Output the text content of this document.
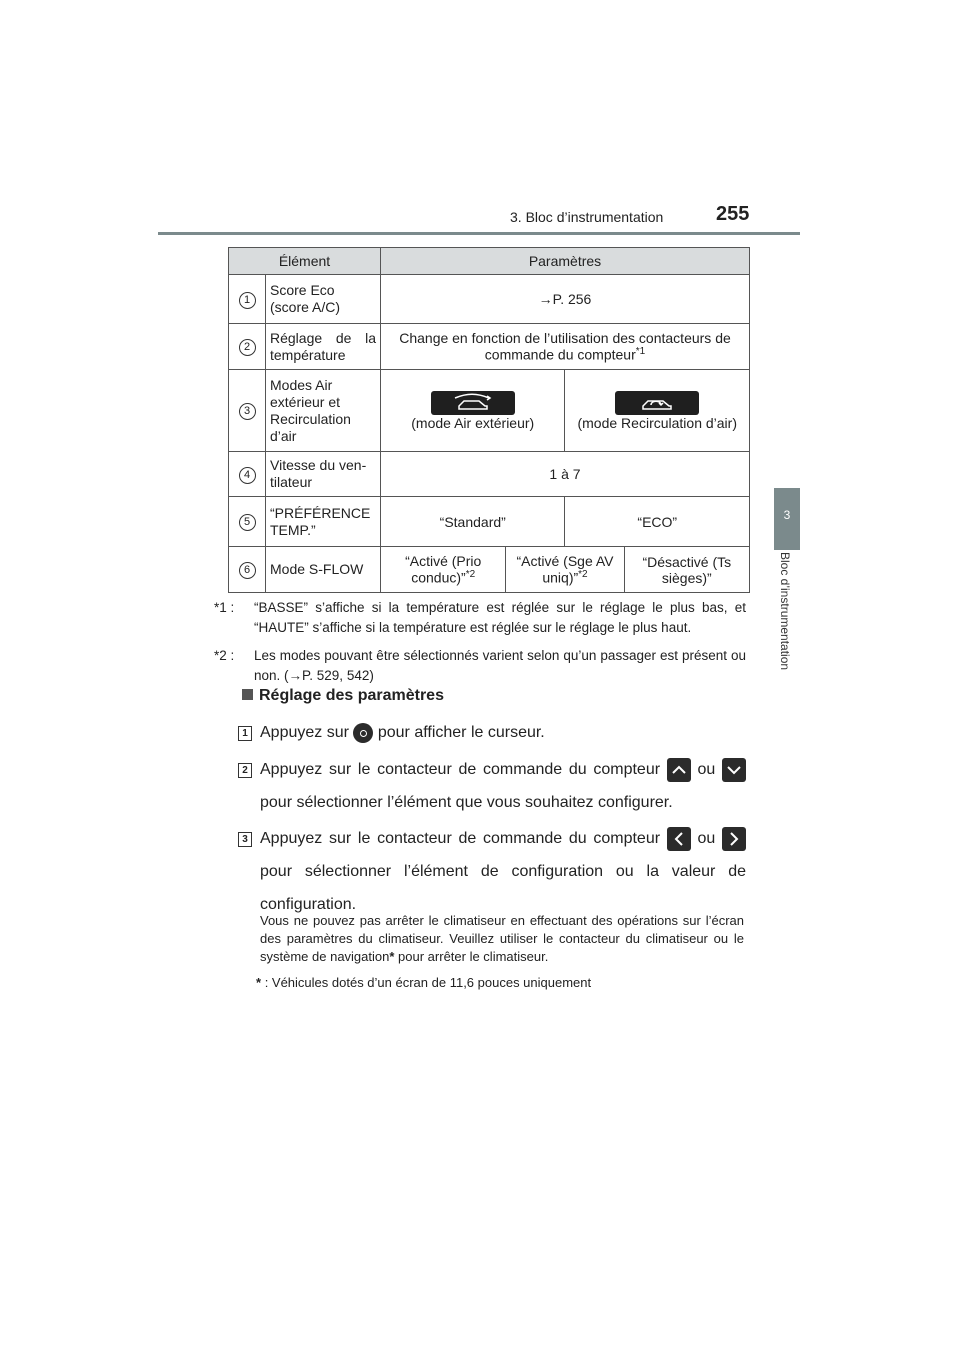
3. Bloc d’instrumentation	255
3
Bloc d’instrumentation
Élément		Paramètres			
1	Score Eco (score A/C)	→P. 256			
2	Réglage de la température	Change en fonction de l’utilisation des contacteurs de commande du compteur$^{*1}$
3	Modes Air extérieur et Recirculation d’air	(mode Air extérieur)		(mode Recirculation d’air)	
4	Vitesse du ven-tilateur	1 à 7			
5	“PRÉFÉRENCE TEMP.”	“Standard”		“ECO”	
6	Mode S-FLOW	“Activé (Prio conduc)”$^{*2}$	“Activé (Sge AV uniq)”$^{*2}$		“Désactivé (Ts sièges)”
*1 : “BASSE” s’affiche si la température est réglée sur le réglage le plus bas, et “HAUTE” s’affiche si la température est réglée sur le réglage le plus haut.
*2 : Les modes pouvant être sélectionnés varient selon qu’un passager est présent ou non. (→P. 529, 542)
Réglage des paramètres
1 Appuyez sur pour afficher le curseur.
2 Appuyez sur le contacteur de commande du compteur ou
pour sélectionner l’élément que vous souhaitez configurer.
3 Appuyez sur le contacteur de commande du compteur ou
pour sélectionner l’élément de configuration ou la valeur de configuration.
Vous ne pouvez pas arrêter le climatiseur en effectuant des opérations sur l’écran des paramètres du climatiseur. Veuillez utiliser le contacteur du climatiseur ou le système de navigation* pour arrêter le climatiseur.
* : Véhicules dotés d’un écran de 11,6 pouces uniquement
